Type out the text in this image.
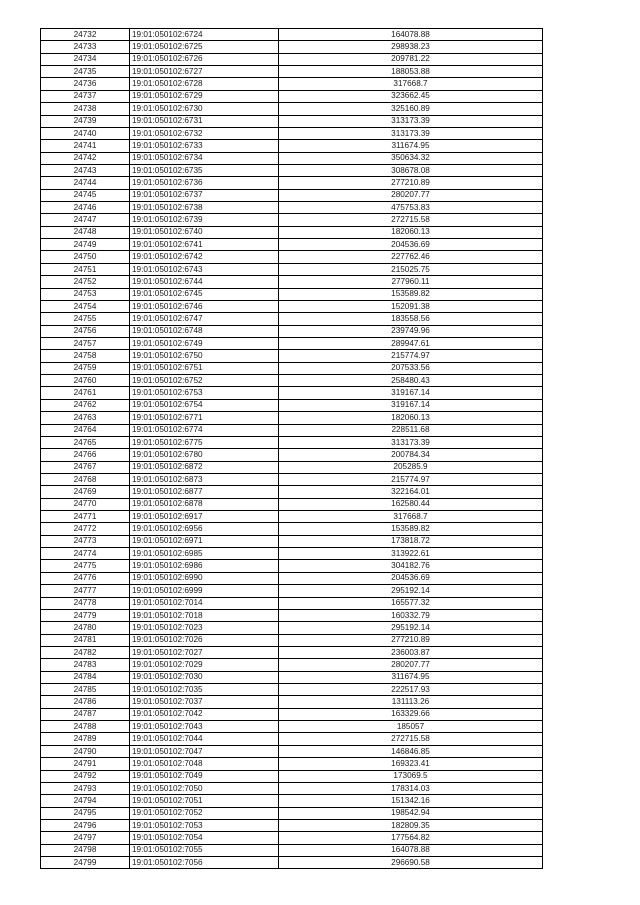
24732	19:01:050102:6724	164078.88
24733	19:01:050102:6725	298938.23
24734	19:01:050102:6726	209781.22
24735	19:01:050102:6727	188053.88
24736	19:01:050102:6728	317668.7
24737	19:01:050102:6729	323662.45
24738	19:01:050102:6730	325160.89
24739	19:01:050102:6731	313173.39
24740	19:01:050102:6732	313173.39
24741	19:01:050102:6733	311674.95
24742	19:01:050102:6734	350634.32
24743	19:01:050102:6735	308678.08
24744	19:01:050102:6736	277210.89
24745	19:01:050102:6737	280207.77
24746	19:01:050102:6738	475753.83
24747	19:01:050102:6739	272715.58
24748	19:01:050102:6740	182060.13
24749	19:01:050102:6741	204536.69
24750	19:01:050102:6742	227762.46
24751	19:01:050102:6743	215025.75
24752	19:01:050102:6744	277960.11
24753	19:01:050102:6745	153589.82
24754	19:01:050102:6746	152091.38
24755	19:01:050102:6747	183558.56
24756	19:01:050102:6748	239749.96
24757	19:01:050102:6749	289947.61
24758	19:01:050102:6750	215774.97
24759	19:01:050102:6751	207533.56
24760	19:01:050102:6752	258480.43
24761	19:01:050102:6753	319167.14
24762	19:01:050102:6754	319167.14
24763	19:01:050102:6771	182060.13
24764	19:01:050102:6774	228511.68
24765	19:01:050102:6775	313173.39
24766	19:01:050102:6780	200784.34
24767	19:01:050102:6872	205285.9
24768	19:01:050102:6873	215774.97
24769	19:01:050102:6877	322164.01
24770	19:01:050102:6878	162580.44
24771	19:01:050102:6917	317668.7
24772	19:01:050102:6956	153589.82
24773	19:01:050102:6971	173818.72
24774	19:01:050102:6985	313922.61
24775	19:01:050102:6986	304182.76
24776	19:01:050102:6990	204536.69
24777	19:01:050102:6999	295192.14
24778	19:01:050102:7014	165577.32
24779	19:01:050102:7018	160332.79
24780	19:01:050102:7023	295192.14
24781	19:01:050102:7026	277210.89
24782	19:01:050102:7027	236003.87
24783	19:01:050102:7029	280207.77
24784	19:01:050102:7030	311674.95
24785	19:01:050102:7035	222517.93
24786	19:01:050102:7037	131113.26
24787	19:01:050102:7042	163329.66
24788	19:01:050102:7043	185057
24789	19:01:050102:7044	272715.58
24790	19:01:050102:7047	146846.85
24791	19:01:050102:7048	169323.41
24792	19:01:050102:7049	173069.5
24793	19:01:050102:7050	178314.03
24794	19:01:050102:7051	151342.16
24795	19:01:050102:7052	198542.94
24796	19:01:050102:7053	182809.35
24797	19:01:050102:7054	177564.82
24798	19:01:050102:7055	164078.88
24799	19:01:050102:7056	296690.58
